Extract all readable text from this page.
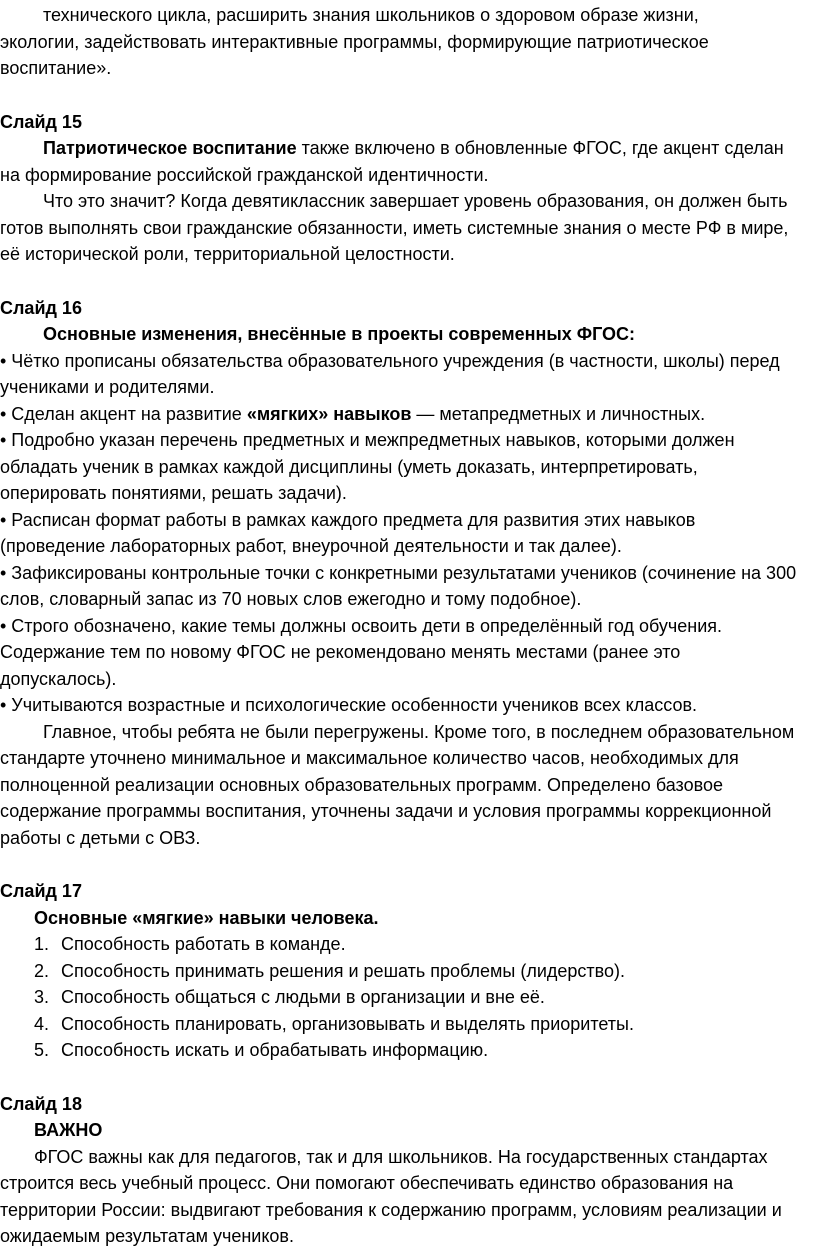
технического цикла, расширить знания школьников о здоровом образе жизни,

экологии, задействовать интерактивные программы, формирующие патриотическое

воспитание».

Слайд 15

Патриотическое воспитание также включено в обновленные ФГОС, где акцент сделан на формирование российской гражданской идентичности.

Что это значит? Когда девятиклассник завершает уровень образования, он должен быть готов выполнять свои гражданские обязанности, иметь системные знания о месте РФ в мире, её исторической роли, территориальной целостности.

Слайд 16

Основные изменения, внесённые в проекты современных ФГОС:

• Чётко прописаны обязательства образовательного учреждения (в частности, школы) перед учениками и родителями.

• Сделан акцент на развитие «мягких» навыков — метапредметных и личностных.

• Подробно указан перечень предметных и межпредметных навыков, которыми должен обладать ученик в рамках каждой дисциплины (уметь доказать, интерпретировать, оперировать понятиями, решать задачи).

• Расписан формат работы в рамках каждого предмета для развития этих навыков (проведение лабораторных работ, внеурочной деятельности и так далее).

• Зафиксированы контрольные точки с конкретными результатами учеников (сочинение на 300 слов, словарный запас из 70 новых слов ежегодно и тому подобное).

• Строго обозначено, какие темы должны освоить дети в определённый год обучения. Содержание тем по новому ФГОС не рекомендовано менять местами (ранее это допускалось).

• Учитываются возрастные и психологические особенности учеников всех классов.

Главное, чтобы ребята не были перегружены. Кроме того, в последнем образовательном стандарте уточнено минимальное и максимальное количество часов, необходимых для полноценной реализации основных образовательных программ. Определено базовое содержание программы воспитания, уточнены задачи и условия программы коррекционной работы с детьми с ОВЗ.

Слайд 17

Основные «мягкие» навыки человека.

1. Способность работать в команде.
2. Способность принимать решения и решать проблемы (лидерство).
3. Способность общаться с людьми в организации и вне её.
4. Способность планировать, организовывать и выделять приоритеты.
5. Способность искать и обрабатывать информацию.

Слайд 18

ВАЖНО

ФГОС важны как для педагогов, так и для школьников. На государственных стандартах строится весь учебный процесс. Они помогают обеспечивать единство образования на территории России: выдвигают требования к содержанию программ, условиям реализации и ожидаемым результатам учеников.
